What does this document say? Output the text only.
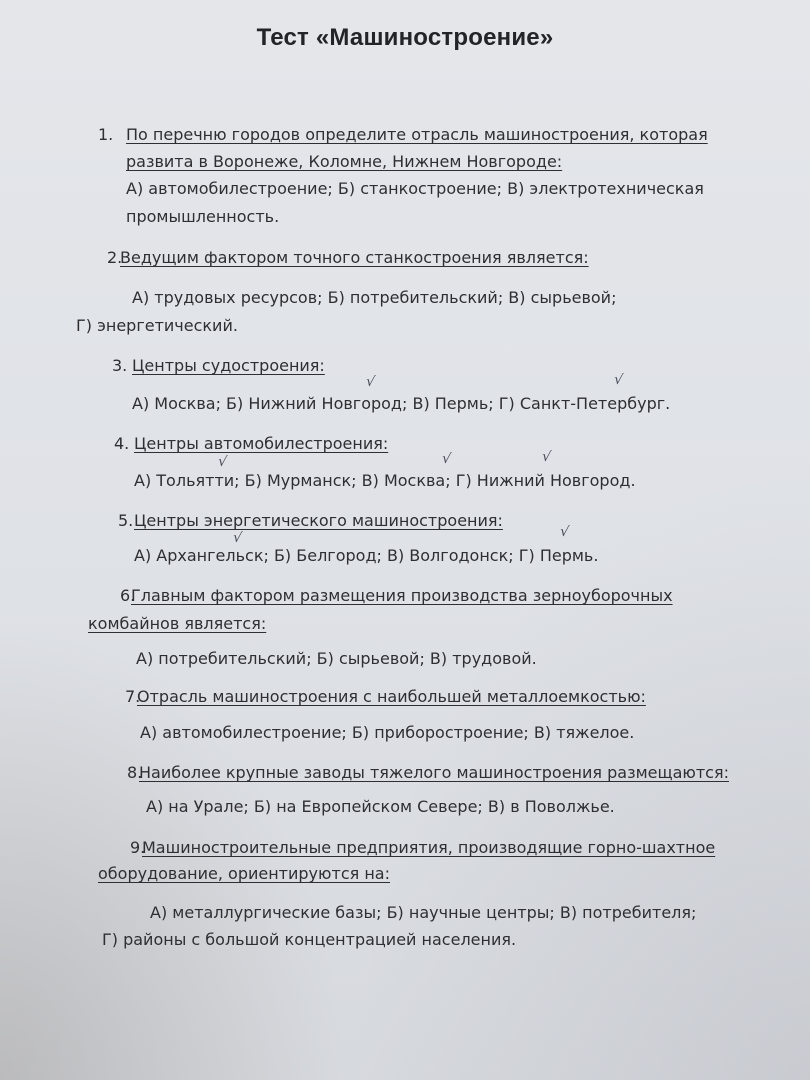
Тест «Машиностроение»
1. По перечню городов определите отрасль машиностроения, которая
развита в Воронеже, Коломне, Нижнем Новгороде:
А) автомобилестроение; Б) станкостроение; В) электротехническая
промышленность.
2.
Ведущим фактором точного станкостроения является:
А) трудовых ресурсов; Б) потребительский; В) сырьевой;
Г) энергетический.
3. Центры судостроения:
А) Москва; Б) Нижний Новгород; В) Пермь; Г) Санкт-Петербург.
√	√
4. Центры автомобилестроения:
А) Тольятти; Б) Мурманск; В) Москва; Г) Нижний Новгород.
√	√	√
5. Центры энергетического машиностроения:
А) Архангельск; Б) Белгород; В) Волгодонск; Г) Пермь.
√	√
6.
Главным фактором размещения производства зерноуборочных
комбайнов является:
А) потребительский; Б) сырьевой; В) трудовой.
7.
Отрасль машиностроения с наибольшей металлоемкостью:
А) автомобилестроение; Б) приборостроение; В) тяжелое.
8.
Наиболее крупные заводы тяжелого машиностроения размещаются:
А) на Урале; Б) на Европейском Севере; В) в Поволжье.
9.
Машиностроительные предприятия, производящие горно-шахтное
оборудование, ориентируются на:
А) металлургические базы; Б) научные центры; В) потребителя;
Г) районы с большой концентрацией населения.
